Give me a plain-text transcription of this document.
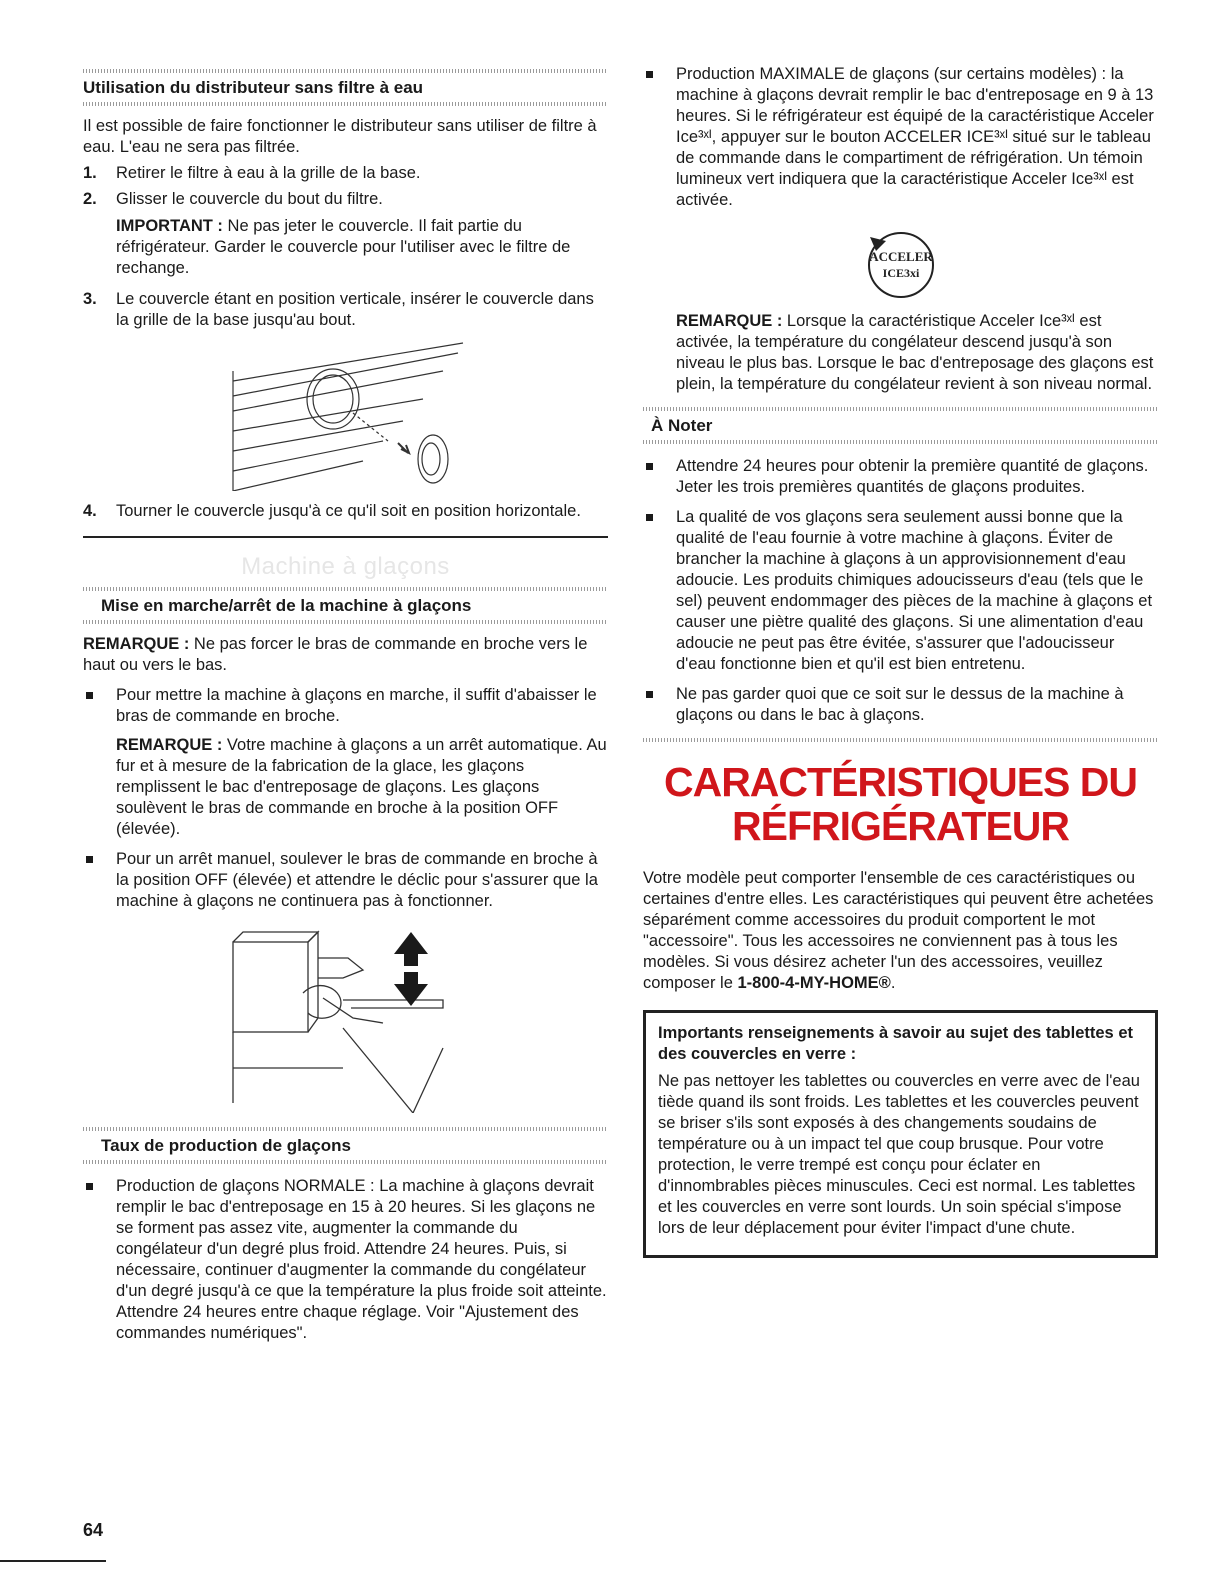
Utilisation du distributeur sans filtre à eau

Il est possible de faire fonctionner le distributeur sans utiliser de filtre à eau. L'eau ne sera pas filtrée.

1. Retirer le filtre à eau à la grille de la base.
2. Glisser le couvercle du bout du filtre.
IMPORTANT : Ne pas jeter le couvercle. Il fait partie du réfrigérateur. Garder le couvercle pour l'utiliser avec le filtre de rechange.
3. Le couvercle étant en position verticale, insérer le couvercle dans la grille de la base jusqu'au bout.
4. Tourner le couvercle jusqu'à ce qu'il soit en position horizontale.
Machine à glaçons
Mise en marche/arrêt de la machine à glaçons

REMARQUE : Ne pas forcer le bras de commande en broche vers le haut ou vers le bas.

Pour mettre la machine à glaçons en marche, il suffit d'abaisser le bras de commande en broche.

REMARQUE : Votre machine à glaçons a un arrêt automatique. Au fur et à mesure de la fabrication de la glace, les glaçons remplissent le bac d'entreposage de glaçons. Les glaçons soulèvent le bras de commande en broche à la position OFF (élevée).

Pour un arrêt manuel, soulever le bras de commande en broche à la position OFF (élevée) et attendre le déclic pour s'assurer que la machine à glaçons ne continuera pas à fonctionner.
Taux de production de glaçons
Production de glaçons NORMALE : La machine à glaçons devrait remplir le bac d'entreposage en 15 à 20 heures. Si les glaçons ne se forment pas assez vite, augmenter la commande du congélateur d'un degré plus froid. Attendre 24 heures. Puis, si nécessaire, continuer d'augmenter la commande du congélateur d'un degré jusqu'à ce que la température la plus froide soit atteinte. Attendre 24 heures entre chaque réglage. Voir "Ajustement des commandes numériques".
64
Production MAXIMALE de glaçons (sur certains modèles) : la machine à glaçons devrait remplir le bac d'entreposage en 9 à 13 heures. Si le réfrigérateur est équipé de la caractéristique Acceler Ice³ˣᴵ, appuyer sur le bouton ACCELER ICE³ˣᴵ situé sur le tableau de commande dans le compartiment de réfrigération. Un témoin lumineux vert indiquera que la caractéristique Acceler Ice³ˣᴵ est activée.
ACCELER
ICE3xi

REMARQUE : Lorsque la caractéristique Acceler Ice³ˣᴵ est activée, la température du congélateur descend jusqu'à son niveau le plus bas. Lorsque le bac d'entreposage des glaçons est plein, la température du congélateur revient à son niveau normal.

À Noter
Attendre 24 heures pour obtenir la première quantité de glaçons. Jeter les trois premières quantités de glaçons produites.
La qualité de vos glaçons sera seulement aussi bonne que la qualité de l'eau fournie à votre machine à glaçons. Éviter de brancher la machine à glaçons à un approvisionnement d'eau adoucie. Les produits chimiques adoucisseurs d'eau (tels que le sel) peuvent endommager des pièces de la machine à glaçons et causer une piètre qualité des glaçons. Si une alimentation d'eau adoucie ne peut pas être évitée, s'assurer que l'adoucisseur d'eau fonctionne bien et qu'il est bien entretenu.
Ne pas garder quoi que ce soit sur le dessus de la machine à glaçons ou dans le bac à glaçons.
CARACTÉRISTIQUES DU
RÉFRIGÉRATEUR

Votre modèle peut comporter l'ensemble de ces caractéristiques ou certaines d'entre elles. Les caractéristiques qui peuvent être achetées séparément comme accessoires du produit comportent le mot "accessoire". Tous les accessoires ne conviennent pas à tous les modèles. Si vous désirez acheter l'un des accessoires, veuillez composer le 1-800-4-MY-HOME®.

Importants renseignements à savoir au sujet des tablettes et des couvercles en verre :

Ne pas nettoyer les tablettes ou couvercles en verre avec de l'eau tiède quand ils sont froids. Les tablettes et les couvercles peuvent se briser s'ils sont exposés à des changements soudains de température ou à un impact tel que coup brusque. Pour votre protection, le verre trempé est conçu pour éclater en d'innombrables pièces minuscules. Ceci est normal. Les tablettes et les couvercles en verre sont lourds. Un soin spécial s'impose lors de leur déplacement pour éviter l'impact d'une chute.
